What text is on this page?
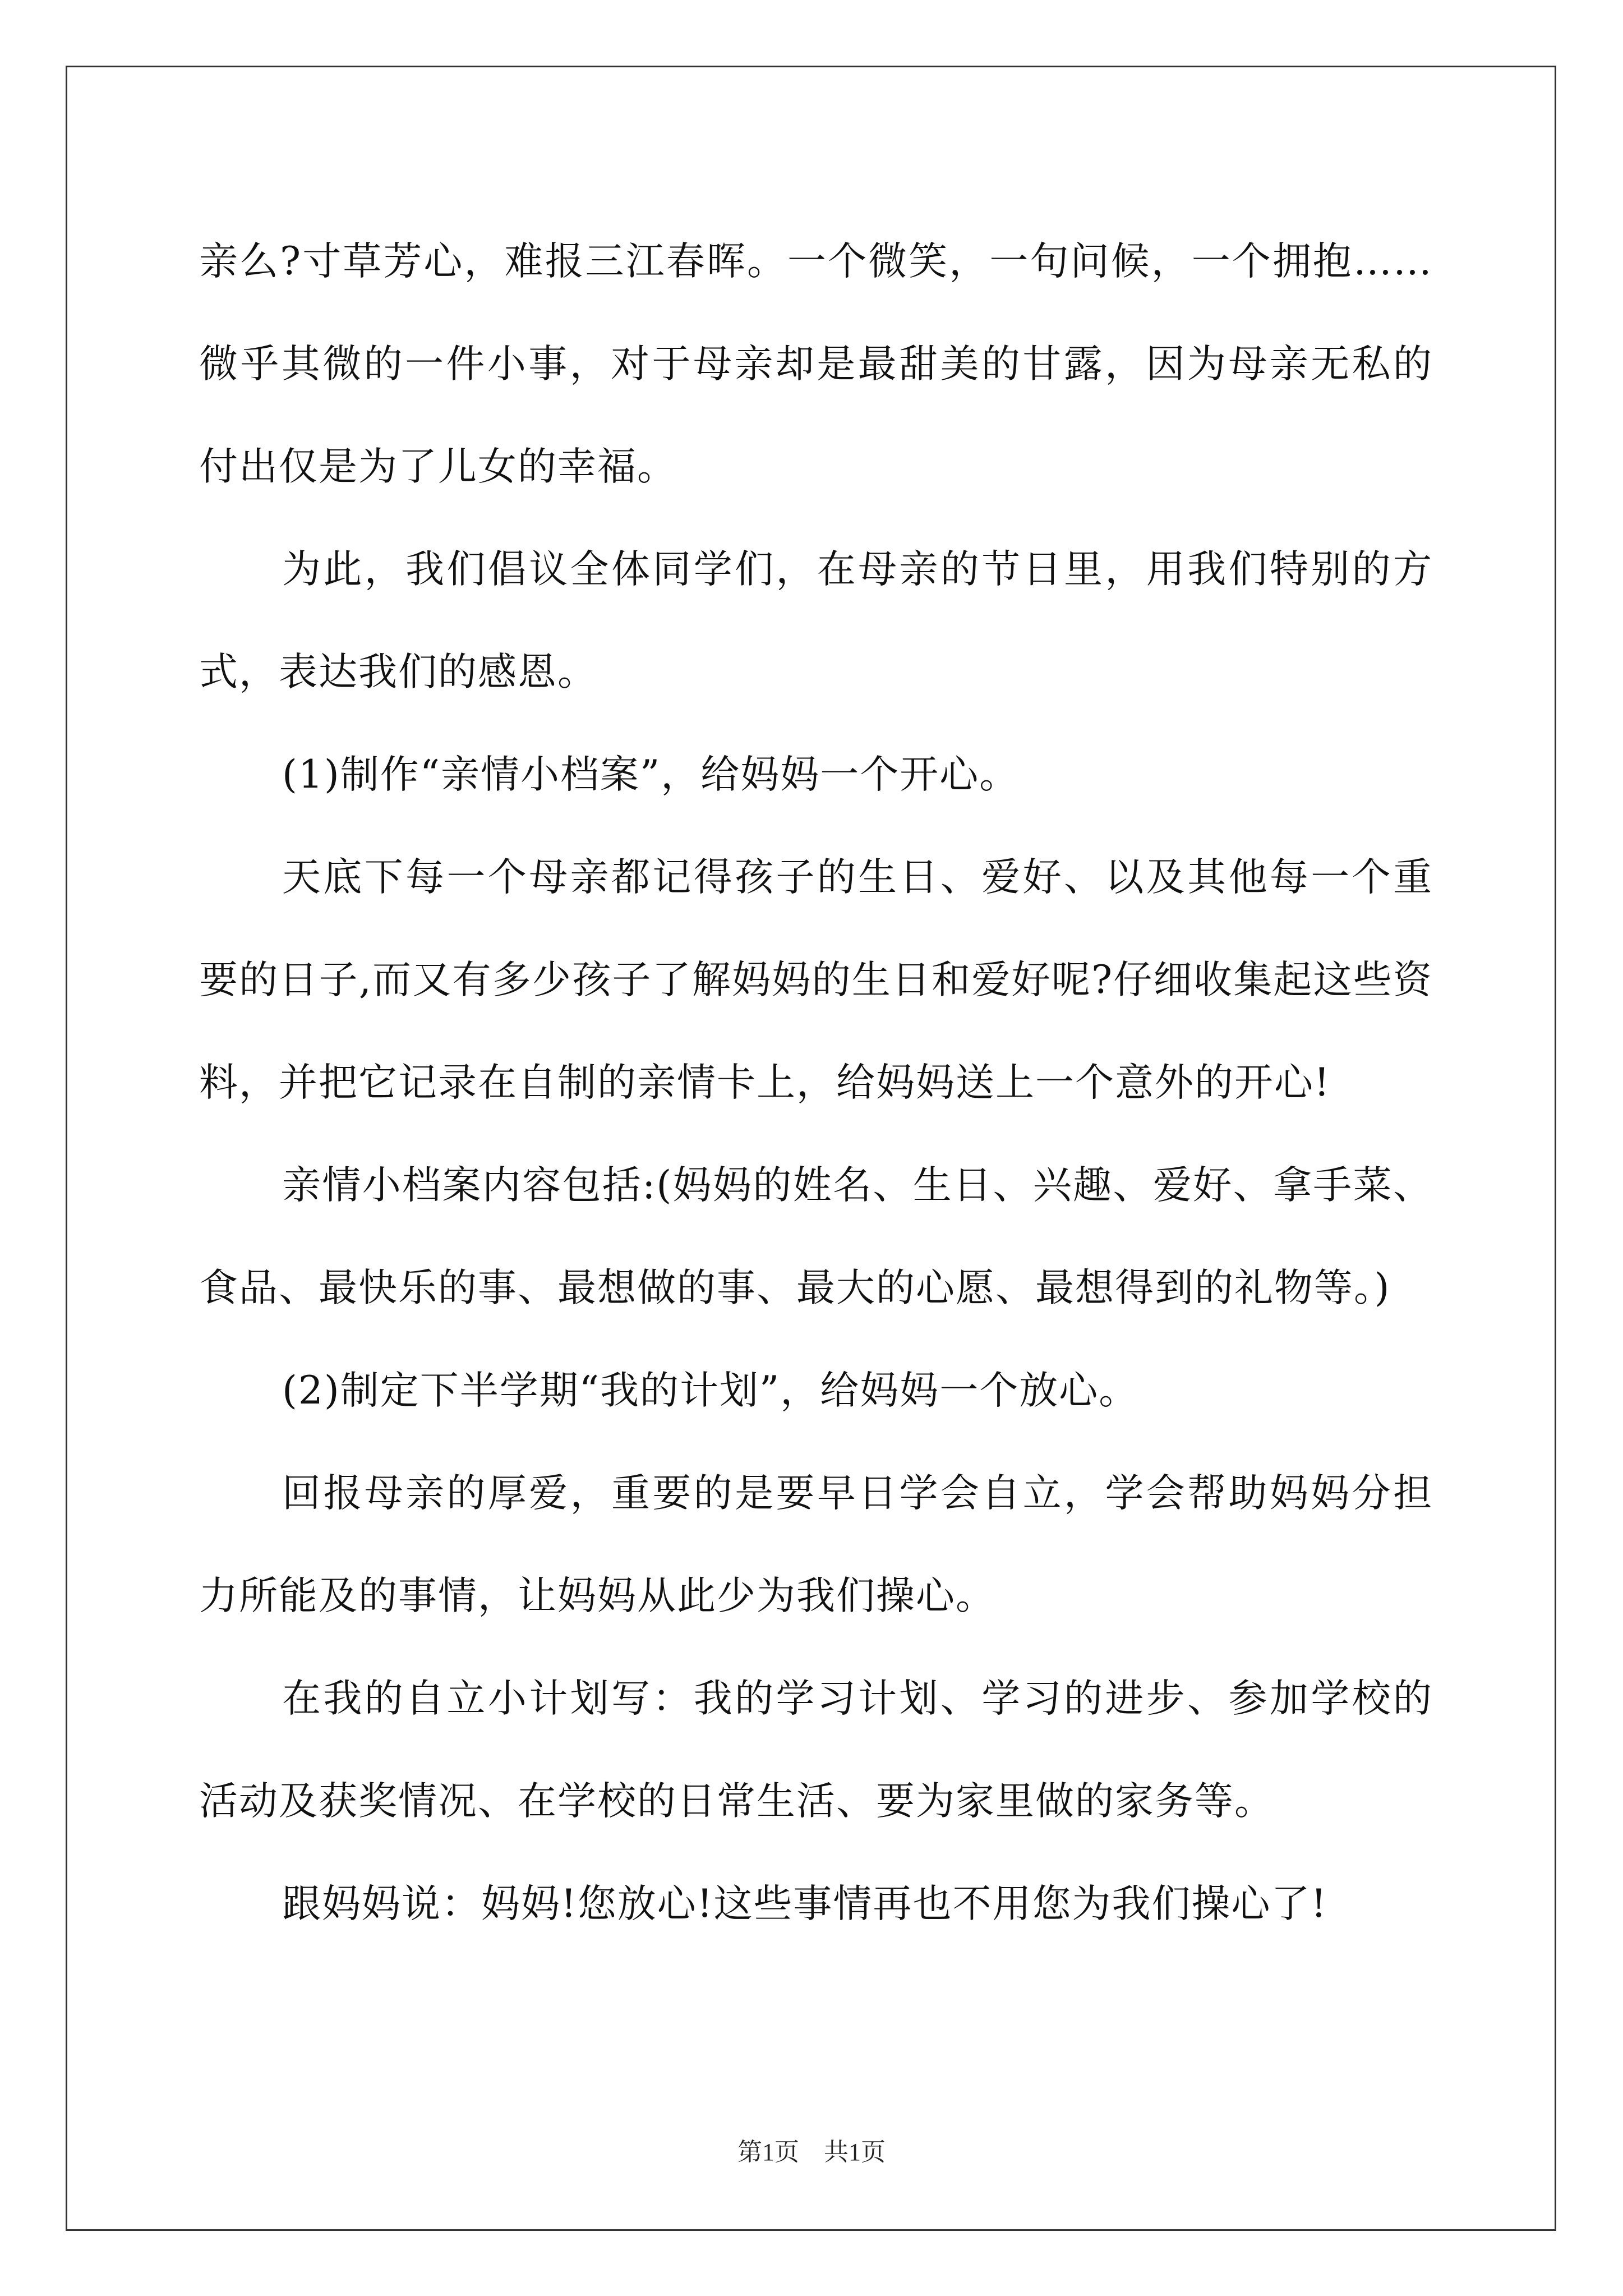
亲么?寸草芳心，难报三江春晖。一个微笑，一句问候，一个拥抱……微乎其微的一件小事，对于母亲却是最甜美的甘露，因为母亲无私的付出仅是为了儿女的幸福。

为此，我们倡议全体同学们，在母亲的节日里，用我们特别的方式，表达我们的感恩。

(1)制作“亲情小档案”，给妈妈一个开心。

天底下每一个母亲都记得孩子的生日、爱好、以及其他每一个重要的日子,而又有多少孩子了解妈妈的生日和爱好呢?仔细收集起这些资料，并把它记录在自制的亲情卡上，给妈妈送上一个意外的开心!

亲情小档案内容包括:(妈妈的姓名、生日、兴趣、爱好、拿手菜、食品、最快乐的事、最想做的事、最大的心愿、最想得到的礼物等。)

(2)制定下半学期“我的计划”，给妈妈一个放心。

回报母亲的厚爱，重要的是要早日学会自立，学会帮助妈妈分担力所能及的事情，让妈妈从此少为我们操心。

在我的自立小计划写：我的学习计划、学习的进步、参加学校的活动及获奖情况、在学校的日常生活、要为家里做的家务等。

跟妈妈说：妈妈!您放心!这些事情再也不用您为我们操心了!

第1页 共1页
